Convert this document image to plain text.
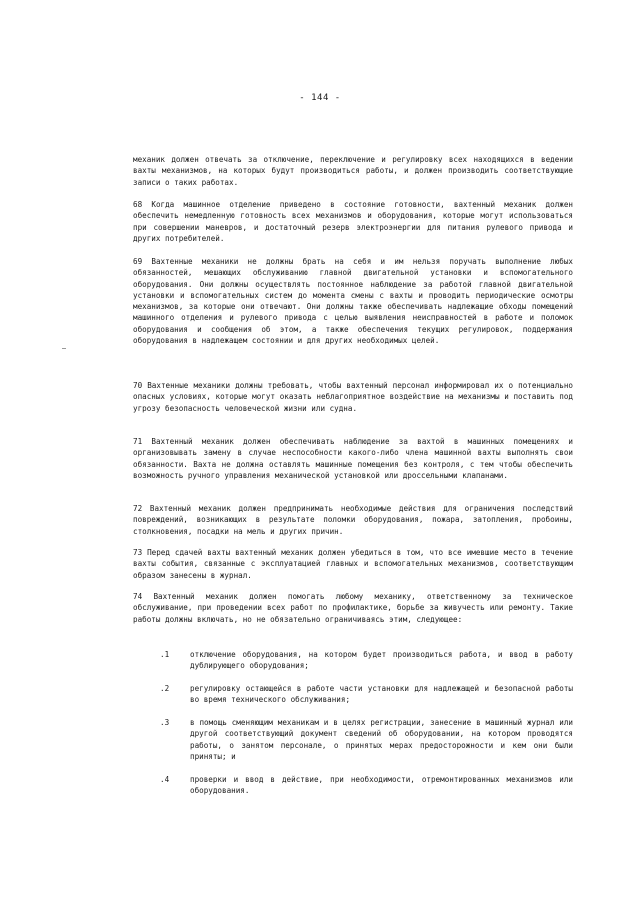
- 144 -
механик должен отвечать за отключение, переключение и регулировку всех находящихся в ведении вахты механизмов, на которых будут производиться работы, и должен производить соответствующие записи о таких работах.
68 Когда машинное отделение приведено в состояние готовности, вахтенный механик должен обеспечить немедленную готовность всех механизмов и оборудования, которые могут использоваться при совершении маневров, и достаточный резерв электроэнергии для питания рулевого привода и других потребителей.
69 Вахтенные механики не должны брать на себя и им нельзя поручать выполнение любых обязанностей, мешающих обслуживанию главной двигательной установки и вспомогательного оборудования. Они должны осуществлять постоянное наблюдение за работой главной двигательной установки и вспомогательных систем до момента смены с вахты и проводить периодические осмотры механизмов, за которые они отвечают. Они должны также обеспечивать надлежащие обходы помещений машинного отделения и рулевого привода с целью выявления неисправностей в работе и поломок оборудования и сообщения об этом, а также обеспечения текущих регулировок, поддержания оборудования в надлежащем состоянии и для других необходимых целей.
70 Вахтенные механики должны требовать, чтобы вахтенный персонал информировал их о потенциально опасных условиях, которые могут оказать неблагоприятное воздействие на механизмы и поставить под угрозу безопасность человеческой жизни или судна.
71 Вахтенный механик должен обеспечивать наблюдение за вахтой в машинных помещениях и организовывать замену в случае неспособности какого-либо члена машинной вахты выполнять свои обязанности. Вахта не должна оставлять машинные помещения без контроля, с тем чтобы обеспечить возможность ручного управления механической установкой или дроссельными клапанами.
72 Вахтенный механик должен предпринимать необходимые действия для ограничения последствий повреждений, возникающих в результате поломки оборудования, пожара, затопления, пробоины, столкновения, посадки на мель и других причин.
73 Перед сдачей вахты вахтенный механик должен убедиться в том, что все имевшие место в течение вахты события, связанные с эксплуатацией главных и вспомогательных механизмов, соответствующим образом занесены в журнал.
74 Вахтенный механик должен помогать любому механику, ответственному за техническое обслуживание, при проведении всех работ по профилактике, борьбе за живучесть или ремонту. Такие работы должны включать, но не обязательно ограничиваясь этим, следующее:
.1	отключение оборудования, на котором будет производиться работа, и ввод в работу дублирующего оборудования;
.2	регулировку остающейся в работе части установки для надлежащей и безопасной работы во время технического обслуживания;
.3	в помощь сменяющим механикам и в целях регистрации, занесение в машинный журнал или другой соответствующий документ сведений об оборудовании, на котором проводятся работы, о занятом персонале, о принятых мерах предосторожности и кем они были приняты; и
.4	проверки и ввод в действие, при необходимости, отремонтированных механизмов или оборудования.
